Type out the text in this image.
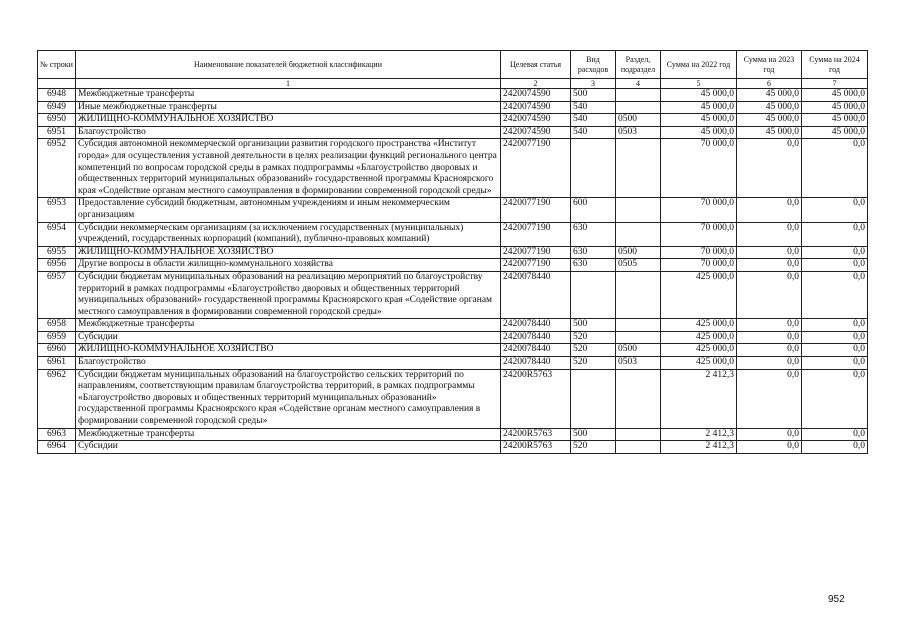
№ строки	Наименование показателей бюджетной классификации	Целевая статья	Вид расходов	Раздел, подраздел	Сумма на 2022 год	Сумма на 2023 год	Сумма на 2024 год
	1	2	3	4	5	6	7
6948	Межбюджетные трансферты	2420074590	500		45 000,0	45 000,0	45 000,0
6949	Иные межбюджетные трансферты	2420074590	540		45 000,0	45 000,0	45 000,0
6950	ЖИЛИЩНО-КОММУНАЛЬНОЕ ХОЗЯЙСТВО	2420074590	540	0500	45 000,0	45 000,0	45 000,0
6951	Благоустройство	2420074590	540	0503	45 000,0	45 000,0	45 000,0
6952	Субсидия автономной некоммерческой организации развития городского пространства «Институт города» для осуществления уставной деятельности в целях реализации функций регионального центра компетенций по вопросам городской среды в рамках подпрограммы «Благоустройство дворовых и общественных территорий муниципальных образований» государственной программы Красноярского края «Содействие органам местного самоуправления в формировании современной городской среды»	2420077190			70 000,0	0,0	0,0
6953	Предоставление субсидий бюджетным, автономным учреждениям и иным некоммерческим организациям	2420077190	600		70 000,0	0,0	0,0
6954	Субсидии некоммерческим организациям (за исключением государственных (муниципальных) учреждений, государственных корпораций (компаний), публично-правовых компаний)	2420077190	630		70 000,0	0,0	0,0
6955	ЖИЛИЩНО-КОММУНАЛЬНОЕ ХОЗЯЙСТВО	2420077190	630	0500	70 000,0	0,0	0,0
6956	Другие вопросы в области жилищно-коммунального хозяйства	2420077190	630	0505	70 000,0	0,0	0,0
6957	Субсидии бюджетам муниципальных образований на реализацию мероприятий по благоустройству территорий в рамках подпрограммы «Благоустройство дворовых и общественных территорий муниципальных образований» государственной программы Красноярского края «Содействие органам местного самоуправления в формировании современной городской среды»	2420078440			425 000,0	0,0	0,0
6958	Межбюджетные трансферты	2420078440	500		425 000,0	0,0	0,0
6959	Субсидии	2420078440	520		425 000,0	0,0	0,0
6960	ЖИЛИЩНО-КОММУНАЛЬНОЕ ХОЗЯЙСТВО	2420078440	520	0500	425 000,0	0,0	0,0
6961	Благоустройство	2420078440	520	0503	425 000,0	0,0	0,0
6962	Субсидии бюджетам муниципальных образований на благоустройство сельских территорий по направлениям, соответствующим правилам благоустройства территорий, в рамках подпрограммы «Благоустройство дворовых и общественных территорий муниципальных образований» государственной программы Красноярского края «Содействие органам местного самоуправления в формировании современной городской среды»	24200R5763			2 412,3	0,0	0,0
6963	Межбюджетные трансферты	24200R5763	500		2 412,3	0,0	0,0
6964	Субсидии	24200R5763	520		2 412,3	0,0	0,0
952
